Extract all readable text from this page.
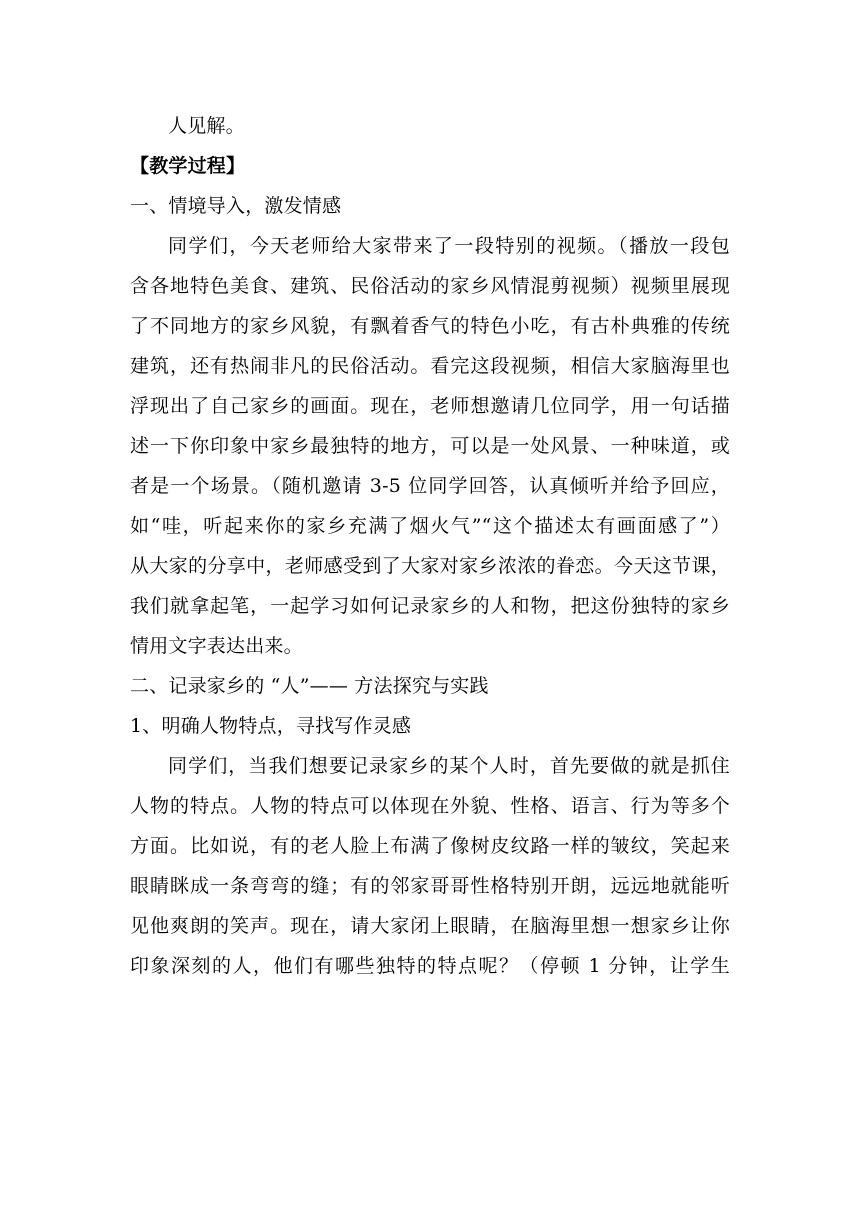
人见解。
【教学过程】
一、情境导入，激发情感
同学们，今天老师给大家带来了一段特别的视频。（播放一段包
含各地特色美食、建筑、民俗活动的家乡风情混剪视频）视频里展现
了不同地方的家乡风貌，有飘着香气的特色小吃，有古朴典雅的传统
建筑，还有热闹非凡的民俗活动。看完这段视频，相信大家脑海里也
浮现出了自己家乡的画面。现在，老师想邀请几位同学，用一句话描
述一下你印象中家乡最独特的地方，可以是一处风景、一种味道，或
者是一个场景。（随机邀请 3-5 位同学回答，认真倾听并给予回应，
如“哇，听起来你的家乡充满了烟火气”“这个描述太有画面感了”）
从大家的分享中，老师感受到了大家对家乡浓浓的眷恋。今天这节课，
我们就拿起笔，一起学习如何记录家乡的人和物，把这份独特的家乡
情用文字表达出来。
二、记录家乡的 “人”—— 方法探究与实践
1、明确人物特点，寻找写作灵感
同学们，当我们想要记录家乡的某个人时，首先要做的就是抓住
人物的特点。人物的特点可以体现在外貌、性格、语言、行为等多个
方面。比如说，有的老人脸上布满了像树皮纹路一样的皱纹，笑起来
眼睛眯成一条弯弯的缝；有的邻家哥哥性格特别开朗，远远地就能听
见他爽朗的笑声。现在，请大家闭上眼睛，在脑海里想一想家乡让你
印象深刻的人，他们有哪些独特的特点呢？（停顿 1 分钟，让学生
